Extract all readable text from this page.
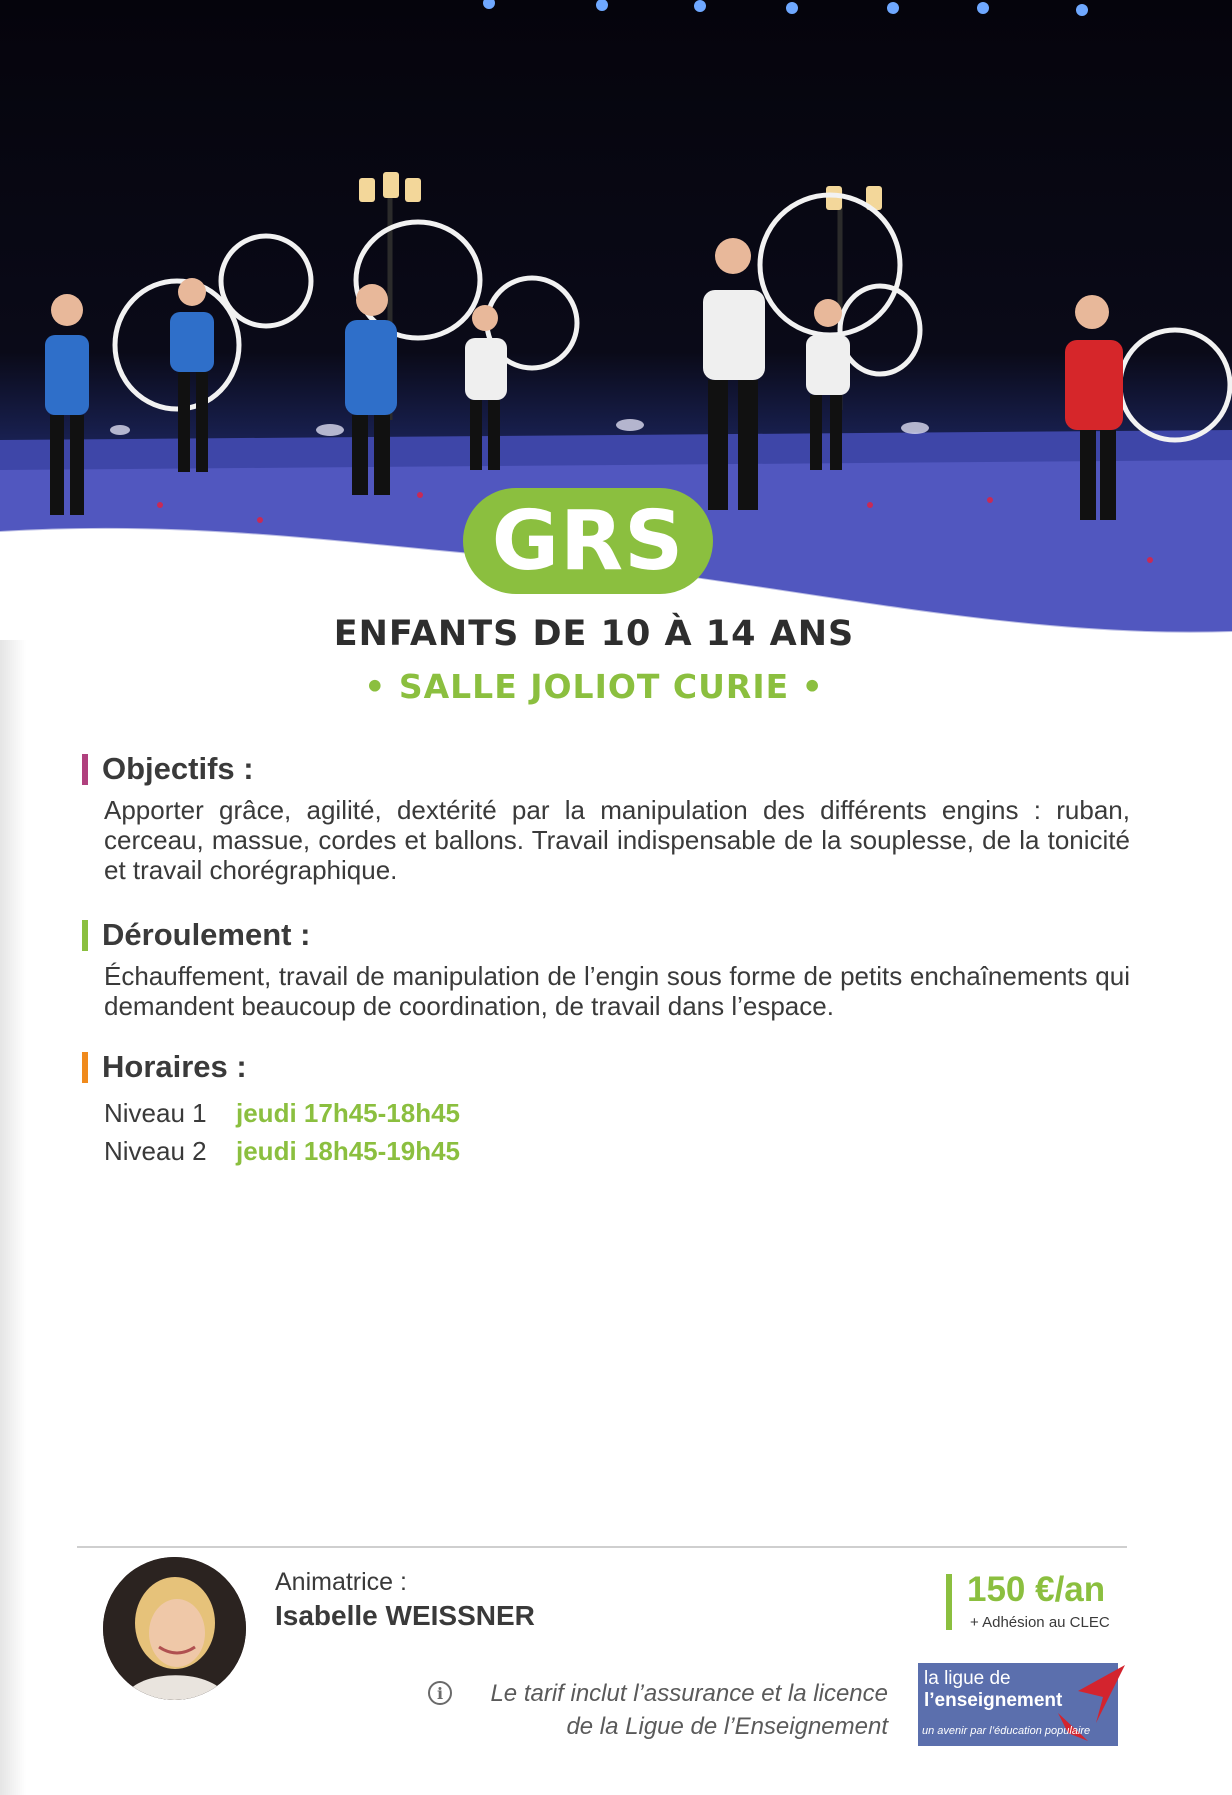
GRS
ENFANTS DE 10 À 14 ANS
• SALLE JOLIOT CURIE •
Objectifs :
Apporter grâce, agilité, dextérité par la manipulation des différents engins : ruban, cerceau, massue, cordes et ballons. Travail indispensable de la souplesse, de la tonicité et travail chorégraphique.
Déroulement :
Échauffement, travail de manipulation de l’engin sous forme de petits enchaînements qui demandent beaucoup de coordination, de travail dans l’espace.
Horaires :
Niveau 1 jeudi 17h45-18h45
Niveau 2 jeudi 18h45-19h45
Animatrice :
Isabelle WEISSNER
150 €/an
+ Adhésion au CLEC
i	Le tarif inclut l’assurance et la licence
de la Ligue de l’Enseignement
la ligue de
l’enseignement
un avenir par l’éducation populaire
